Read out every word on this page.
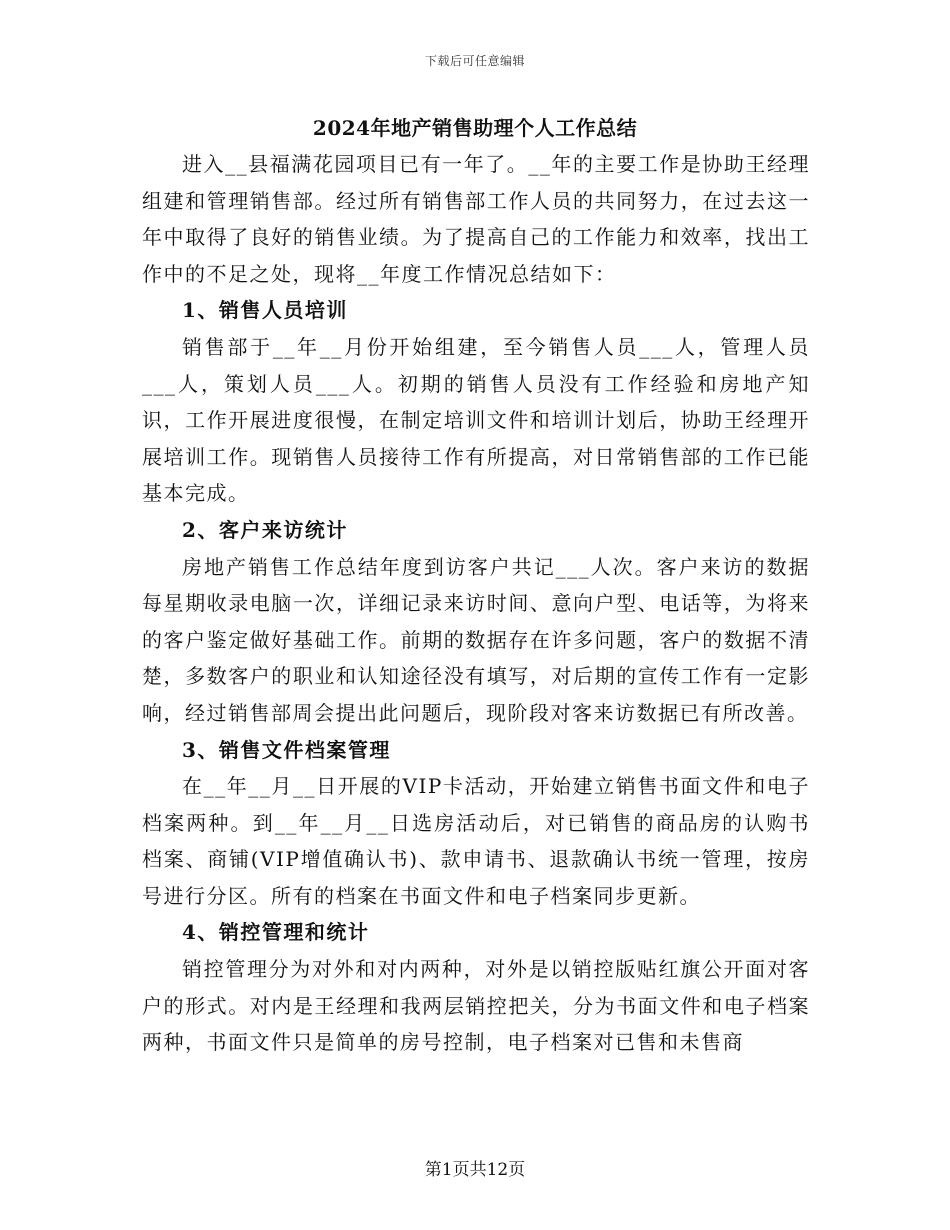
下载后可任意编辑
2024年地产销售助理个人工作总结

进入__县福满花园项目已有一年了。__年的主要工作是协助王经理组建和管理销售部。经过所有销售部工作人员的共同努力，在过去这一年中取得了良好的销售业绩。为了提高自己的工作能力和效率，找出工作中的不足之处，现将__年度工作情况总结如下：

1、销售人员培训

销售部于__年__月份开始组建，至今销售人员___人，管理人员___人，策划人员___人。初期的销售人员没有工作经验和房地产知识，工作开展进度很慢，在制定培训文件和培训计划后，协助王经理开展培训工作。现销售人员接待工作有所提高，对日常销售部的工作已能基本完成。

2、客户来访统计

房地产销售工作总结年度到访客户共记___人次。客户来访的数据每星期收录电脑一次，详细记录来访时间、意向户型、电话等，为将来的客户鉴定做好基础工作。前期的数据存在许多问题，客户的数据不清楚，多数客户的职业和认知途径没有填写，对后期的宣传工作有一定影响，经过销售部周会提出此问题后，现阶段对客来访数据已有所改善。

3、销售文件档案管理

在__年__月__日开展的VIP卡活动，开始建立销售书面文件和电子档案两种。到__年__月__日选房活动后，对已销售的商品房的认购书档案、商铺(VIP增值确认书)、款申请书、退款确认书统一管理，按房号进行分区。所有的档案在书面文件和电子档案同步更新。

4、销控管理和统计

销控管理分为对外和对内两种，对外是以销控版贴红旗公开面对客户的形式。对内是王经理和我两层销控把关，分为书面文件和电子档案两种，书面文件只是简单的房号控制，电子档案对已售和未售商

第1页共12页
